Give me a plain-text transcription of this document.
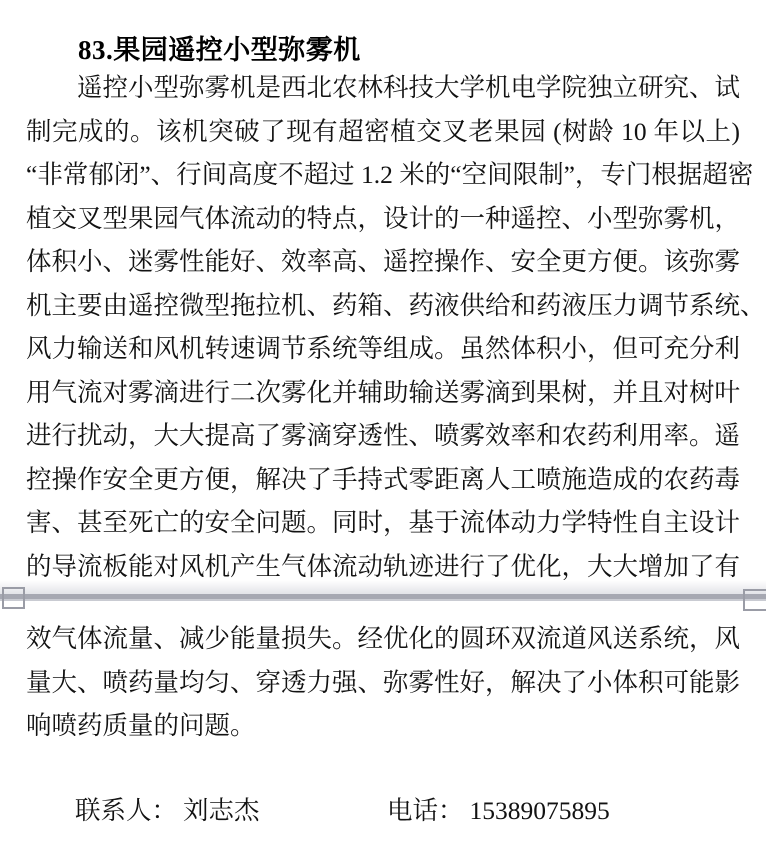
83.果园遥控小型弥雾机
遥控小型弥雾机是西北农林科技大学机电学院独立研究、试
制完成的。该机突破了现有超密植交叉老果园 (树龄 10 年以上)
“非常郁闭”、行间高度不超过 1.2 米的“空间限制”，专门根据超密
植交叉型果园气体流动的特点，设计的一种遥控、小型弥雾机，
体积小、迷雾性能好、效率高、遥控操作、安全更方便。该弥雾
机主要由遥控微型拖拉机、药箱、药液供给和药液压力调节系统、
风力输送和风机转速调节系统等组成。虽然体积小，但可充分利
用气流对雾滴进行二次雾化并辅助输送雾滴到果树，并且对树叶
进行扰动，大大提高了雾滴穿透性、喷雾效率和农药利用率。遥
控操作安全更方便，解决了手持式零距离人工喷施造成的农药毒
害、甚至死亡的安全问题。同时，基于流体动力学特性自主设计
的导流板能对风机产生气体流动轨迹进行了优化，大大增加了有
效气体流量、减少能量损失。经优化的圆环双流道风送系统，风
量大、喷药量均匀、穿透力强、弥雾性好，解决了小体积可能影
响喷药质量的问题。
联系人： 刘志杰	电话： 15389075895
